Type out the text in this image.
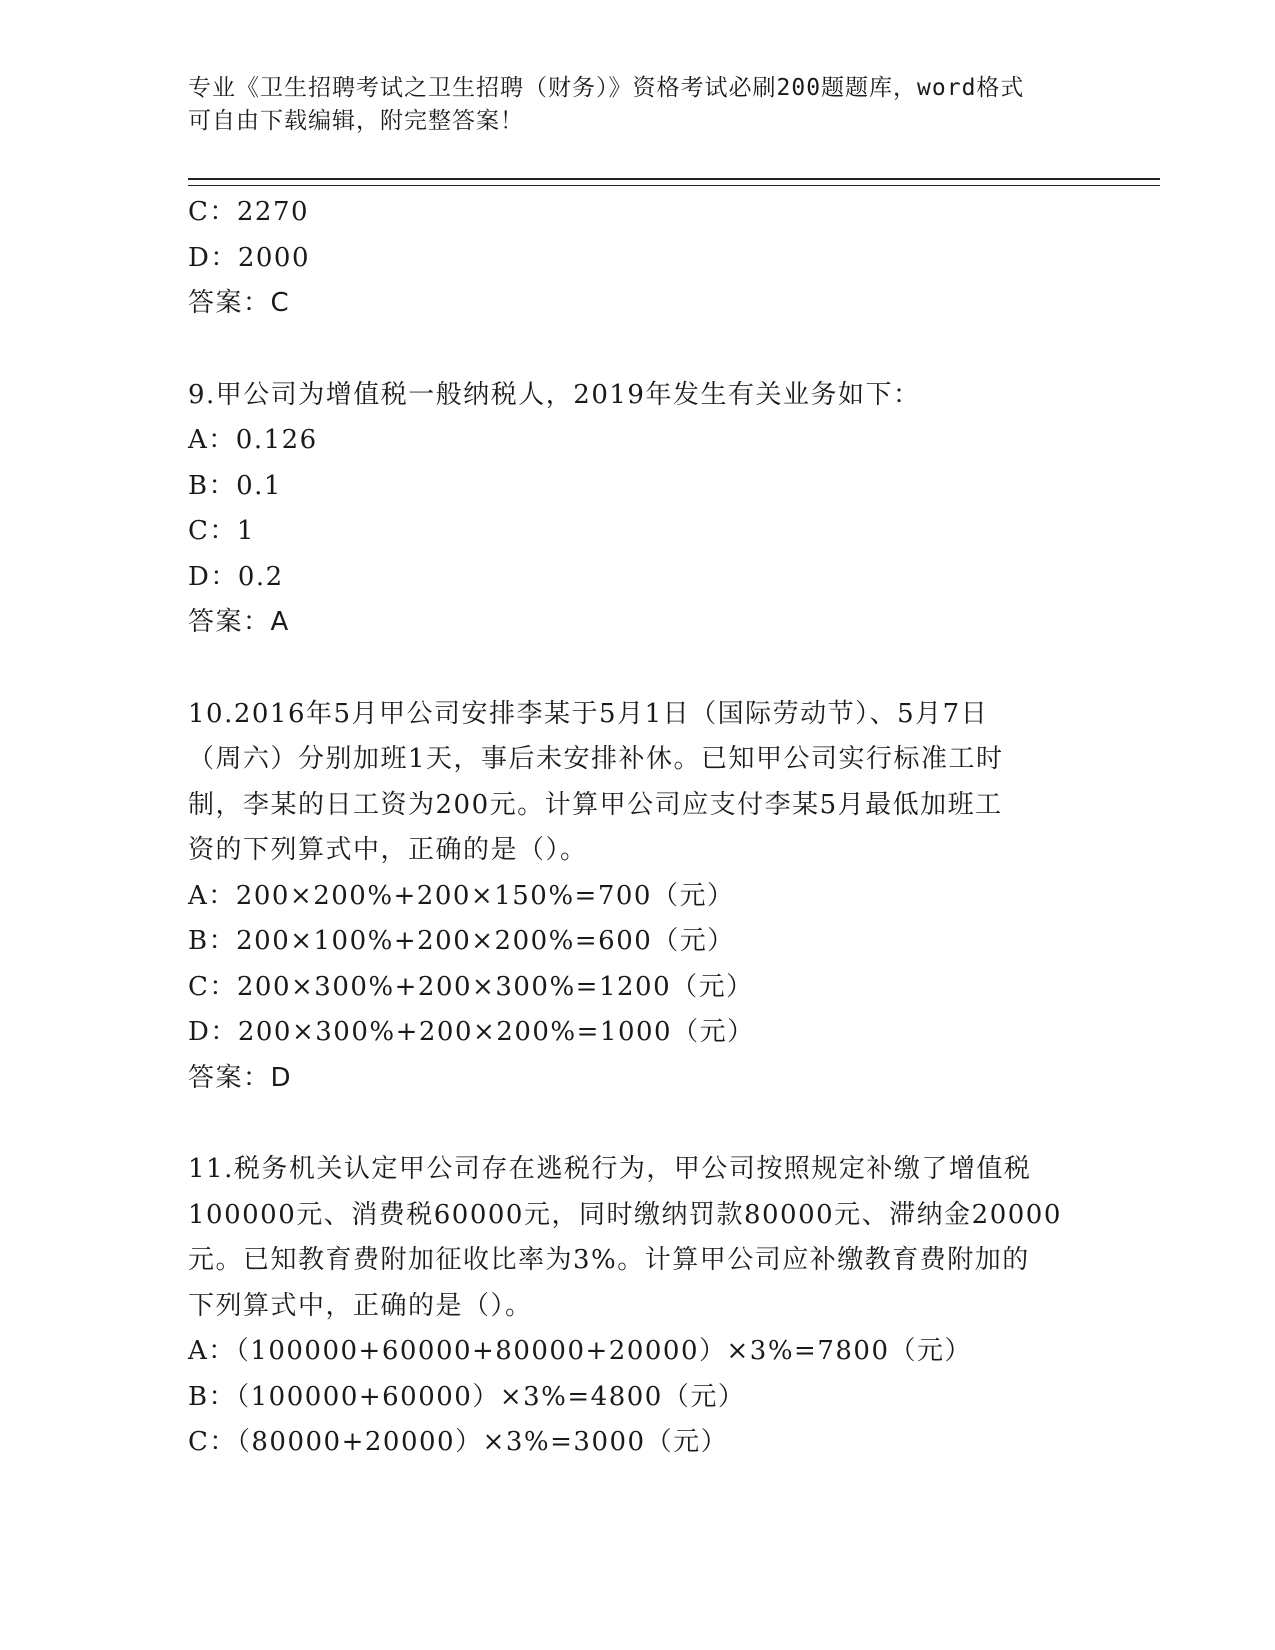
专业《卫生招聘考试之卫生招聘（财务）》资格考试必刷200题题库，word格式
可自由下载编辑，附完整答案！
C：2270
D：2000
答案：C
9.甲公司为增值税一般纳税人，2019年发生有关业务如下：
A：0.126
B：0.1
C：1
D：0.2
答案：A
10.2016年5月甲公司安排李某于5月1日（国际劳动节）、5月7日
（周六）分别加班1天，事后未安排补休。已知甲公司实行标准工时
制，李某的日工资为200元。计算甲公司应支付李某5月最低加班工
资的下列算式中，正确的是（）。
A：200×200%+200×150%=700（元）
B：200×100%+200×200%=600（元）
C：200×300%+200×300%=1200（元）
D：200×300%+200×200%=1000（元）
答案：D
11.税务机关认定甲公司存在逃税行为，甲公司按照规定补缴了增值税
100000元、消费税60000元，同时缴纳罚款80000元、滞纳金20000
元。已知教育费附加征收比率为3%。计算甲公司应补缴教育费附加的
下列算式中，正确的是（）。
A：（100000+60000+80000+20000）×3%=7800（元）
B：（100000+60000）×3%=4800（元）
C：（80000+20000）×3%=3000（元）
